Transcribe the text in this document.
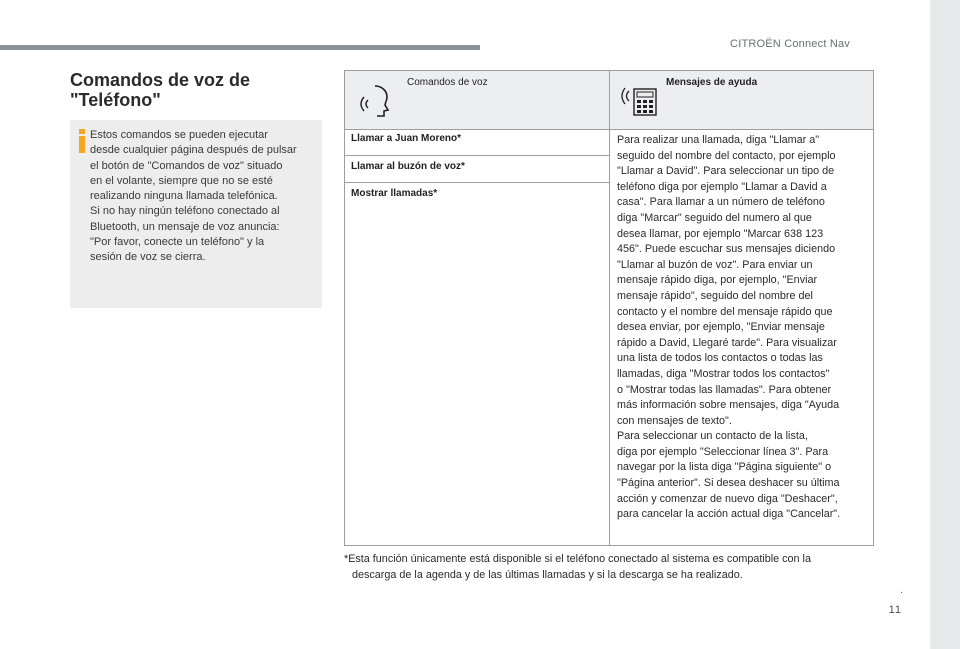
CITROËN Connect Nav
.
11
Comandos de voz de
"Teléfono"

Estos comandos se pueden ejecutar

desde cualquier página después de pulsar

el botón de "Comandos de voz" situado

en el volante, siempre que no se esté

realizando ninguna llamada telefónica.

Si no hay ningún teléfono conectado al

Bluetooth, un mensaje de voz anuncia:

"Por favor, conecte un teléfono" y la

sesión de voz se cierra.

Comandos de voz	Mensajes de ayuda
Llamar a Juan Moreno*
Llamar al buzón de voz*
Mostrar llamadas*

Para realizar una llamada, diga "Llamar a"

seguido del nombre del contacto, por ejemplo

"Llamar a David". Para seleccionar un tipo de

teléfono diga por ejemplo "Llamar a David a

casa". Para llamar a un número de teléfono

diga "Marcar" seguido del numero al que

desea llamar, por ejemplo "Marcar 638 123

456". Puede escuchar sus mensajes diciendo

"Llamar al buzón de voz". Para enviar un

mensaje rápido diga, por ejemplo, "Enviar

mensaje rápido", seguido del nombre del

contacto y el nombre del mensaje rápido que

desea enviar, por ejemplo, "Enviar mensaje

rápido a David, Llegaré tarde". Para visualizar

una lista de todos los contactos o todas las

llamadas, diga "Mostrar todos los contactos"

o "Mostrar todas las llamadas". Para obtener

más información sobre mensajes, diga "Ayuda

con mensajes de texto".

Para seleccionar un contacto de la lista,

diga por ejemplo "Seleccionar línea 3". Para

navegar por la lista diga "Página siguiente" o

"Página anterior". Si desea deshacer su última

acción y comenzar de nuevo diga "Deshacer",

para cancelar la acción actual diga "Cancelar".

*Esta función únicamente está disponible si el teléfono conectado al sistema es compatible con la
descarga de la agenda y de las últimas llamadas y si la descarga se ha realizado.
